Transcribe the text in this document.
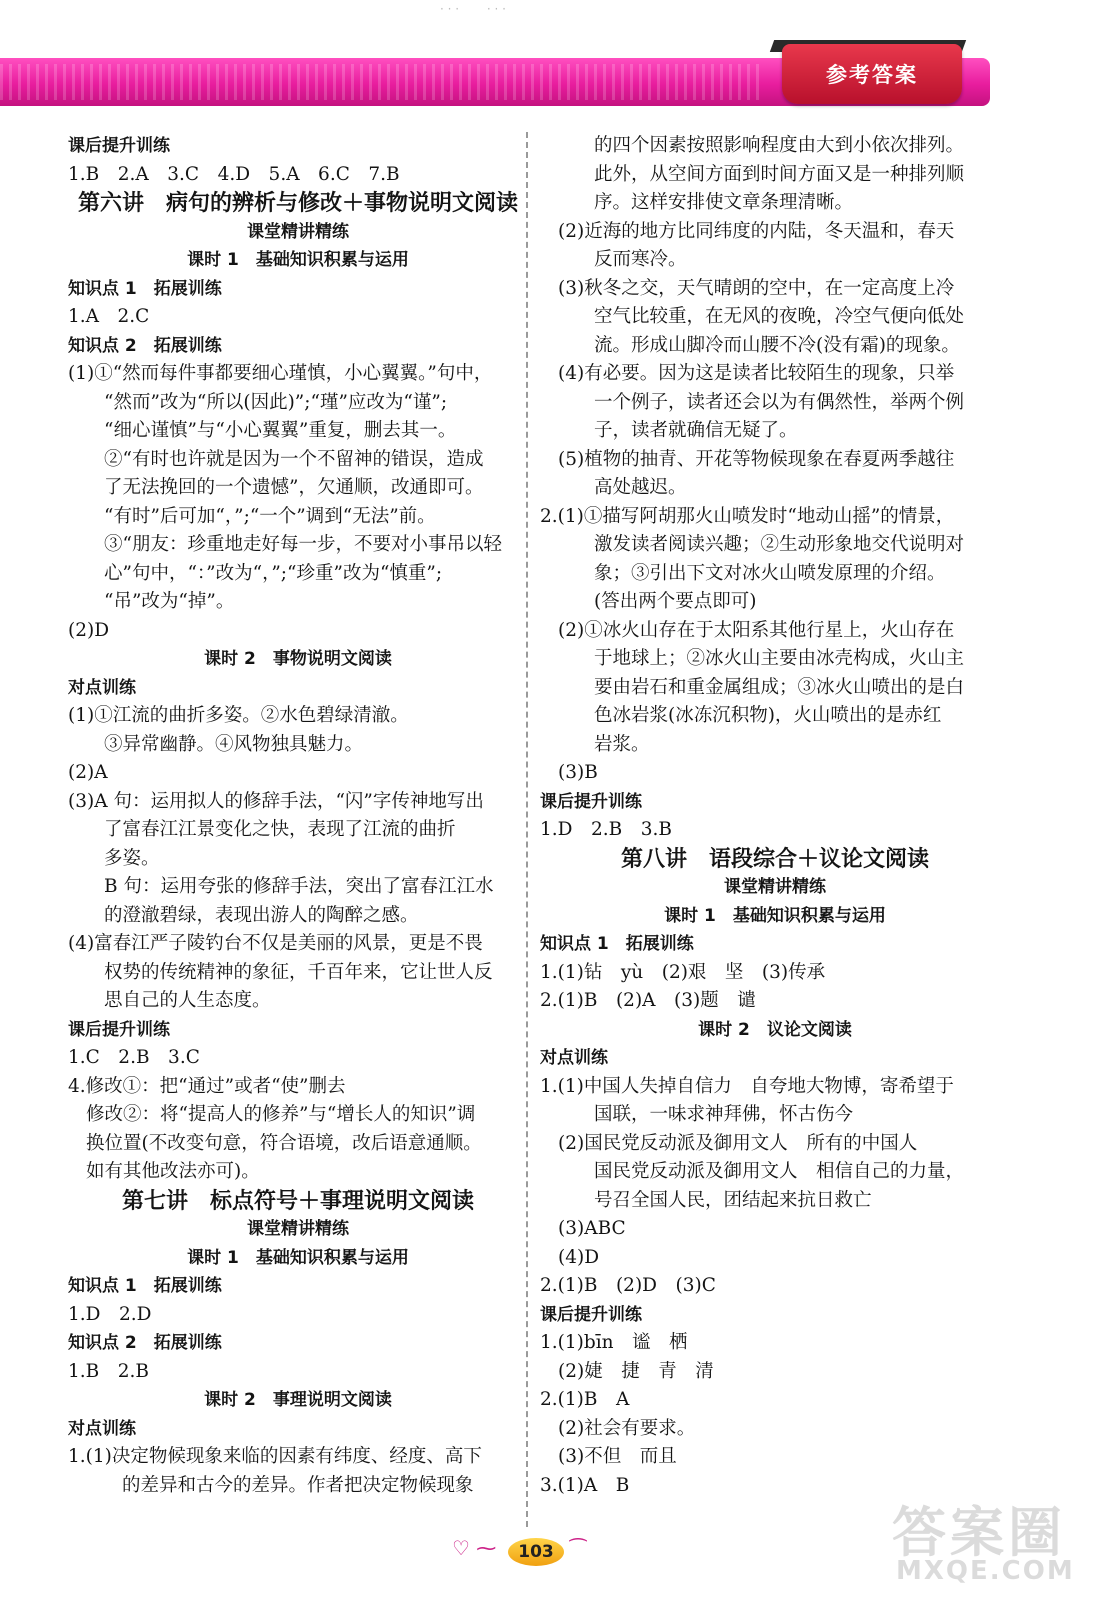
· · ·　　 · · ·
参考答案
课后提升训练
1.B　2.A　3.C　4.D　5.A　6.C　7.B
第六讲　病句的辨析与修改＋事物说明文阅读
课堂精讲精练
课时 1　基础知识积累与运用
知识点 1　拓展训练
1.A　2.C
知识点 2　拓展训练
(1)①“然而每件事都要细心瑾慎，小心翼翼。”句中，
“然而”改为“所以(因此)”;“瑾”应改为“谨”;
“细心谨慎”与“小心翼翼”重复，删去其一。
②“有时也许就是因为一个不留神的错误，造成
了无法挽回的一个遗憾”，欠通顺，改通即可。
“有时”后可加“，”;“一个”调到“无法”前。
③“朋友：珍重地走好每一步，不要对小事吊以轻
心”句中，“：”改为“，”;“珍重”改为“慎重”;
“吊”改为“掉”。
(2)D
课时 2　事物说明文阅读
对点训练
(1)①江流的曲折多姿。②水色碧绿清澈。
③异常幽静。④风物独具魅力。
(2)A
(3)A 句：运用拟人的修辞手法，“闪”字传神地写出
了富春江江景变化之快，表现了江流的曲折
多姿。
B 句：运用夸张的修辞手法，突出了富春江江水
的澄澈碧绿，表现出游人的陶醉之感。
(4)富春江严子陵钓台不仅是美丽的风景，更是不畏
权势的传统精神的象征，千百年来，它让世人反
思自己的人生态度。
课后提升训练
1.C　2.B　3.C
4.修改①：把“通过”或者“使”删去
修改②：将“提高人的修养”与“增长人的知识”调
换位置(不改变句意，符合语境，改后语意通顺。
如有其他改法亦可)。
第七讲　标点符号＋事理说明文阅读
课堂精讲精练
课时 1　基础知识积累与运用
知识点 1　拓展训练
1.D　2.D
知识点 2　拓展训练
1.B　2.B
课时 2　事理说明文阅读
对点训练
1.(1)决定物候现象来临的因素有纬度、经度、高下
的差异和古今的差异。作者把决定物候现象
的四个因素按照影响程度由大到小依次排列。
此外，从空间方面到时间方面又是一种排列顺
序。这样安排使文章条理清晰。
(2)近海的地方比同纬度的内陆，冬天温和，春天
反而寒冷。
(3)秋冬之交，天气晴朗的空中，在一定高度上冷
空气比较重，在无风的夜晚，冷空气便向低处
流。形成山脚冷而山腰不冷(没有霜)的现象。
(4)有必要。因为这是读者比较陌生的现象，只举
一个例子，读者还会以为有偶然性，举两个例
子，读者就确信无疑了。
(5)植物的抽青、开花等物候现象在春夏两季越往
高处越迟。
2.(1)①描写阿胡那火山喷发时“地动山摇”的情景，
激发读者阅读兴趣；②生动形象地交代说明对
象；③引出下文对冰火山喷发原理的介绍。
(答出两个要点即可)
(2)①冰火山存在于太阳系其他行星上，火山存在
于地球上；②冰火山主要由冰壳构成，火山主
要由岩石和重金属组成；③冰火山喷出的是白
色冰岩浆(冰冻沉积物)，火山喷出的是赤红
岩浆。
(3)B
课后提升训练
1.D　2.B　3.B
第八讲　语段综合＋议论文阅读
课堂精讲精练
课时 1　基础知识积累与运用
知识点 1　拓展训练
1.(1)钻　yù　(2)艰　坚　(3)传承
2.(1)B　(2)A　(3)题　谴
课时 2　议论文阅读
对点训练
1.(1)中国人失掉自信力　自夸地大物博，寄希望于
国联，一味求神拜佛，怀古伤今
(2)国民党反动派及御用文人　所有的中国人
国民党反动派及御用文人　相信自己的力量，
号召全国人民，团结起来抗日救亡
(3)ABC
(4)D
2.(1)B　(2)D　(3)C
课后提升训练
1.(1)bīn　谧　栖
(2)婕　捷　青　清
2.(1)B　A
(2)社会有要求。
(3)不但　而且
3.(1)A　B
♡ ⁓	103 ⁀	答案圈
MXQE.COM
